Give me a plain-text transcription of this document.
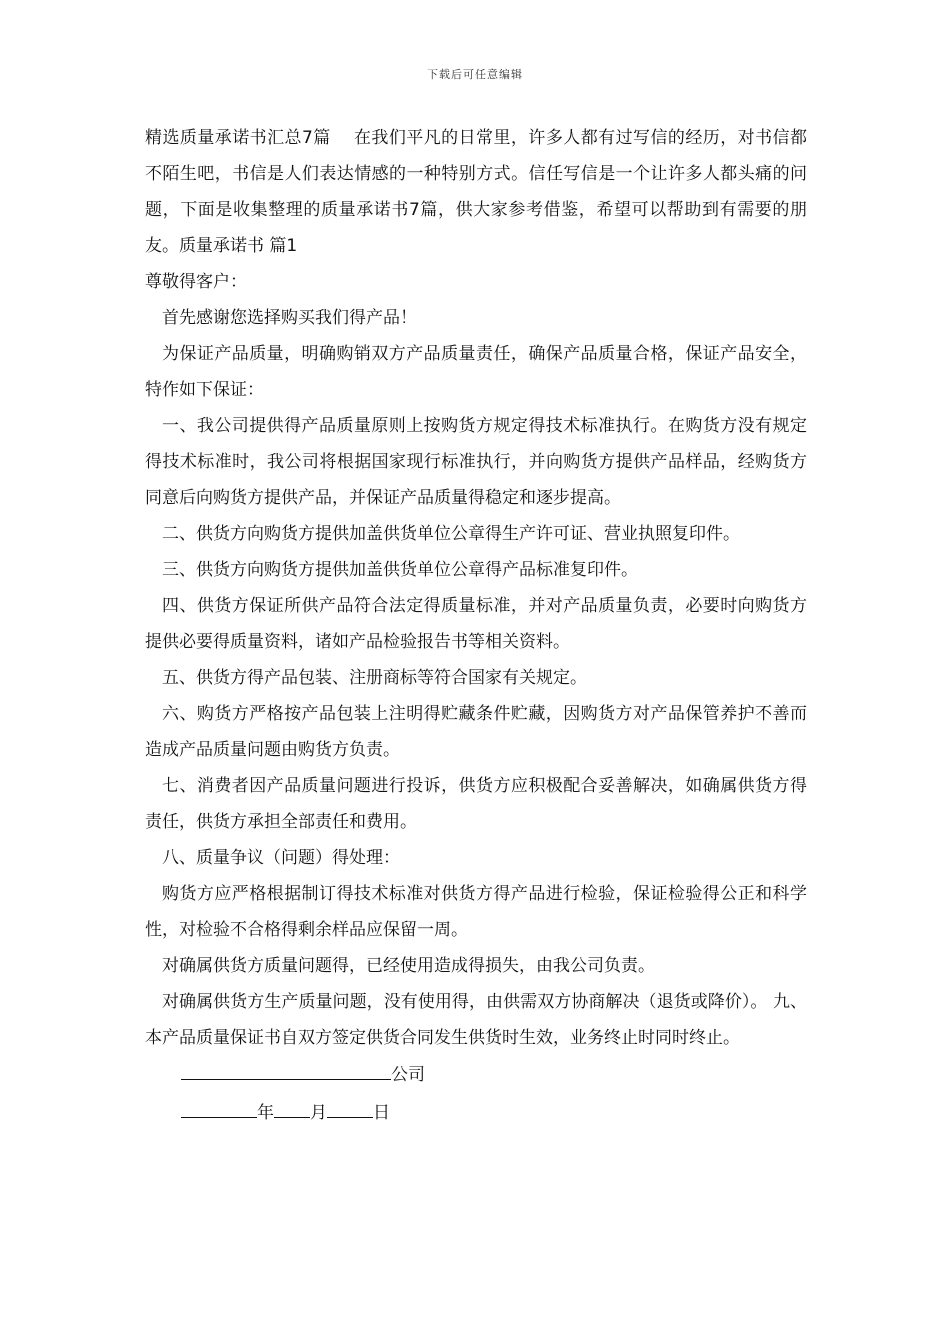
下载后可任意编辑

精选质量承诺书汇总7篇　 在我们平凡的日常里，许多人都有过写信的经历，对书信都不陌生吧，书信是人们表达情感的一种特别方式。信任写信是一个让许多人都头痛的问题，下面是收集整理的质量承诺书7篇，供大家参考借鉴，希望可以帮助到有需要的朋友。质量承诺书 篇1

尊敬得客户：

首先感谢您选择购买我们得产品！

为保证产品质量，明确购销双方产品质量责任，确保产品质量合格，保证产品安全，特作如下保证：

一、我公司提供得产品质量原则上按购货方规定得技术标准执行。在购货方没有规定得技术标准时，我公司将根据国家现行标准执行，并向购货方提供产品样品，经购货方同意后向购货方提供产品，并保证产品质量得稳定和逐步提高。

二、供货方向购货方提供加盖供货单位公章得生产许可证、营业执照复印件。

三、供货方向购货方提供加盖供货单位公章得产品标准复印件。

四、供货方保证所供产品符合法定得质量标准，并对产品质量负责，必要时向购货方提供必要得质量资料，诸如产品检验报告书等相关资料。

五、供货方得产品包装、注册商标等符合国家有关规定。

六、购货方严格按产品包装上注明得贮藏条件贮藏，因购货方对产品保管养护不善而造成产品质量问题由购货方负责。

七、消费者因产品质量问题进行投诉，供货方应积极配合妥善解决，如确属供货方得责任，供货方承担全部责任和费用。

八、质量争议（问题）得处理：

购货方应严格根据制订得技术标准对供货方得产品进行检验，保证检验得公正和科学性，对检验不合格得剩余样品应保留一周。

对确属供货方质量问题得，已经使用造成得损失，由我公司负责。

对确属供货方生产质量问题，没有使用得，由供需双方协商解决（退货或降价）。 九、本产品质量保证书自双方签定供货合同发生供货时生效，业务终止时同时终止。

公司
年 月	日
